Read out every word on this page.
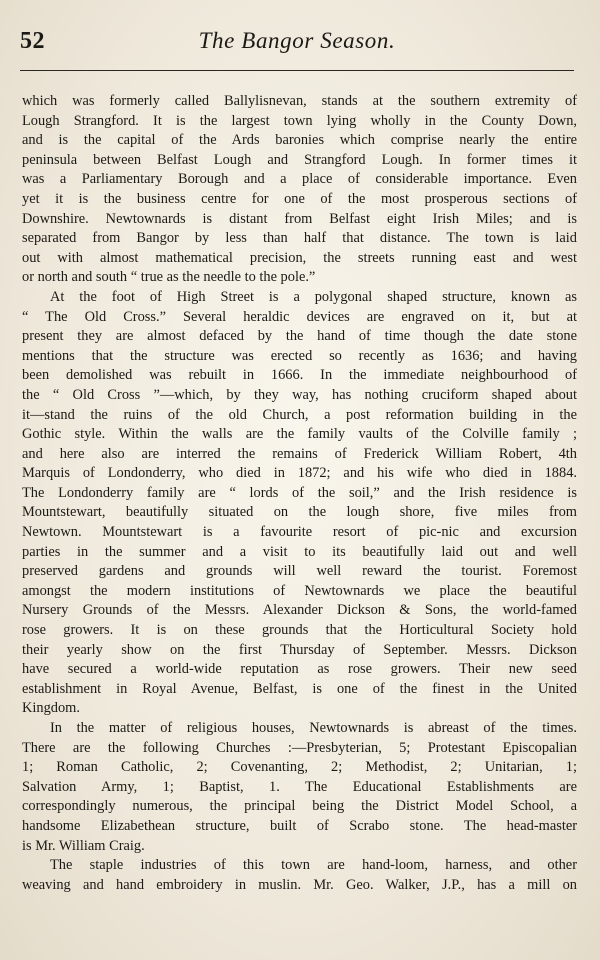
52	The Bangor Season.
which was formerly called Ballylisnevan, stands at the southern extremity of
Lough Strangford. It is the largest town lying wholly in the County Down,
and is the capital of the Ards baronies which comprise nearly the entire
peninsula between Belfast Lough and Strangford Lough. In former times it
was a Parliamentary Borough and a place of considerable importance. Even
yet it is the business centre for one of the most prosperous sections of
Downshire. Newtownards is distant from Belfast eight Irish Miles; and is
separated from Bangor by less than half that distance. The town is laid
out with almost mathematical precision, the streets running east and west
or north and south “ true as the needle to the pole.”
At the foot of High Street is a polygonal shaped structure, known as
“ The Old Cross.” Several heraldic devices are engraved on it, but at
present they are almost defaced by the hand of time though the date stone
mentions that the structure was erected so recently as 1636; and having
been demolished was rebuilt in 1666. In the immediate neighbourhood of
the “ Old Cross ”—which, by they way, has nothing cruciform shaped about
it—stand the ruins of the old Church, a post reformation building in the
Gothic style. Within the walls are the family vaults of the Colville family ;
and here also are interred the remains of Frederick William Robert, 4th
Marquis of Londonderry, who died in 1872; and his wife who died in 1884.
The Londonderry family are “ lords of the soil,” and the Irish residence is
Mountstewart, beautifully situated on the lough shore, five miles from
Newtown. Mountstewart is a favourite resort of pic-nic and excursion
parties in the summer and a visit to its beautifully laid out and well
preserved gardens and grounds will well reward the tourist. Foremost
amongst the modern institutions of Newtownards we place the beautiful
Nursery Grounds of the Messrs. Alexander Dickson & Sons, the world-famed
rose growers. It is on these grounds that the Horticultural Society hold
their yearly show on the first Thursday of September. Messrs. Dickson
have secured a world-wide reputation as rose growers. Their new seed
establishment in Royal Avenue, Belfast, is one of the finest in the United
Kingdom.
In the matter of religious houses, Newtownards is abreast of the times.
There are the following Churches :—Presbyterian, 5; Protestant Episcopalian
1; Roman Catholic, 2; Covenanting, 2; Methodist, 2; Unitarian, 1;
Salvation Army, 1; Baptist, 1. The Educational Establishments are
correspondingly numerous, the principal being the District Model School, a
handsome Elizabethean structure, built of Scrabo stone. The head-master
is Mr. William Craig.
The staple industries of this town are hand-loom, harness, and other
weaving and hand embroidery in muslin. Mr. Geo. Walker, J.P., has a mill on
